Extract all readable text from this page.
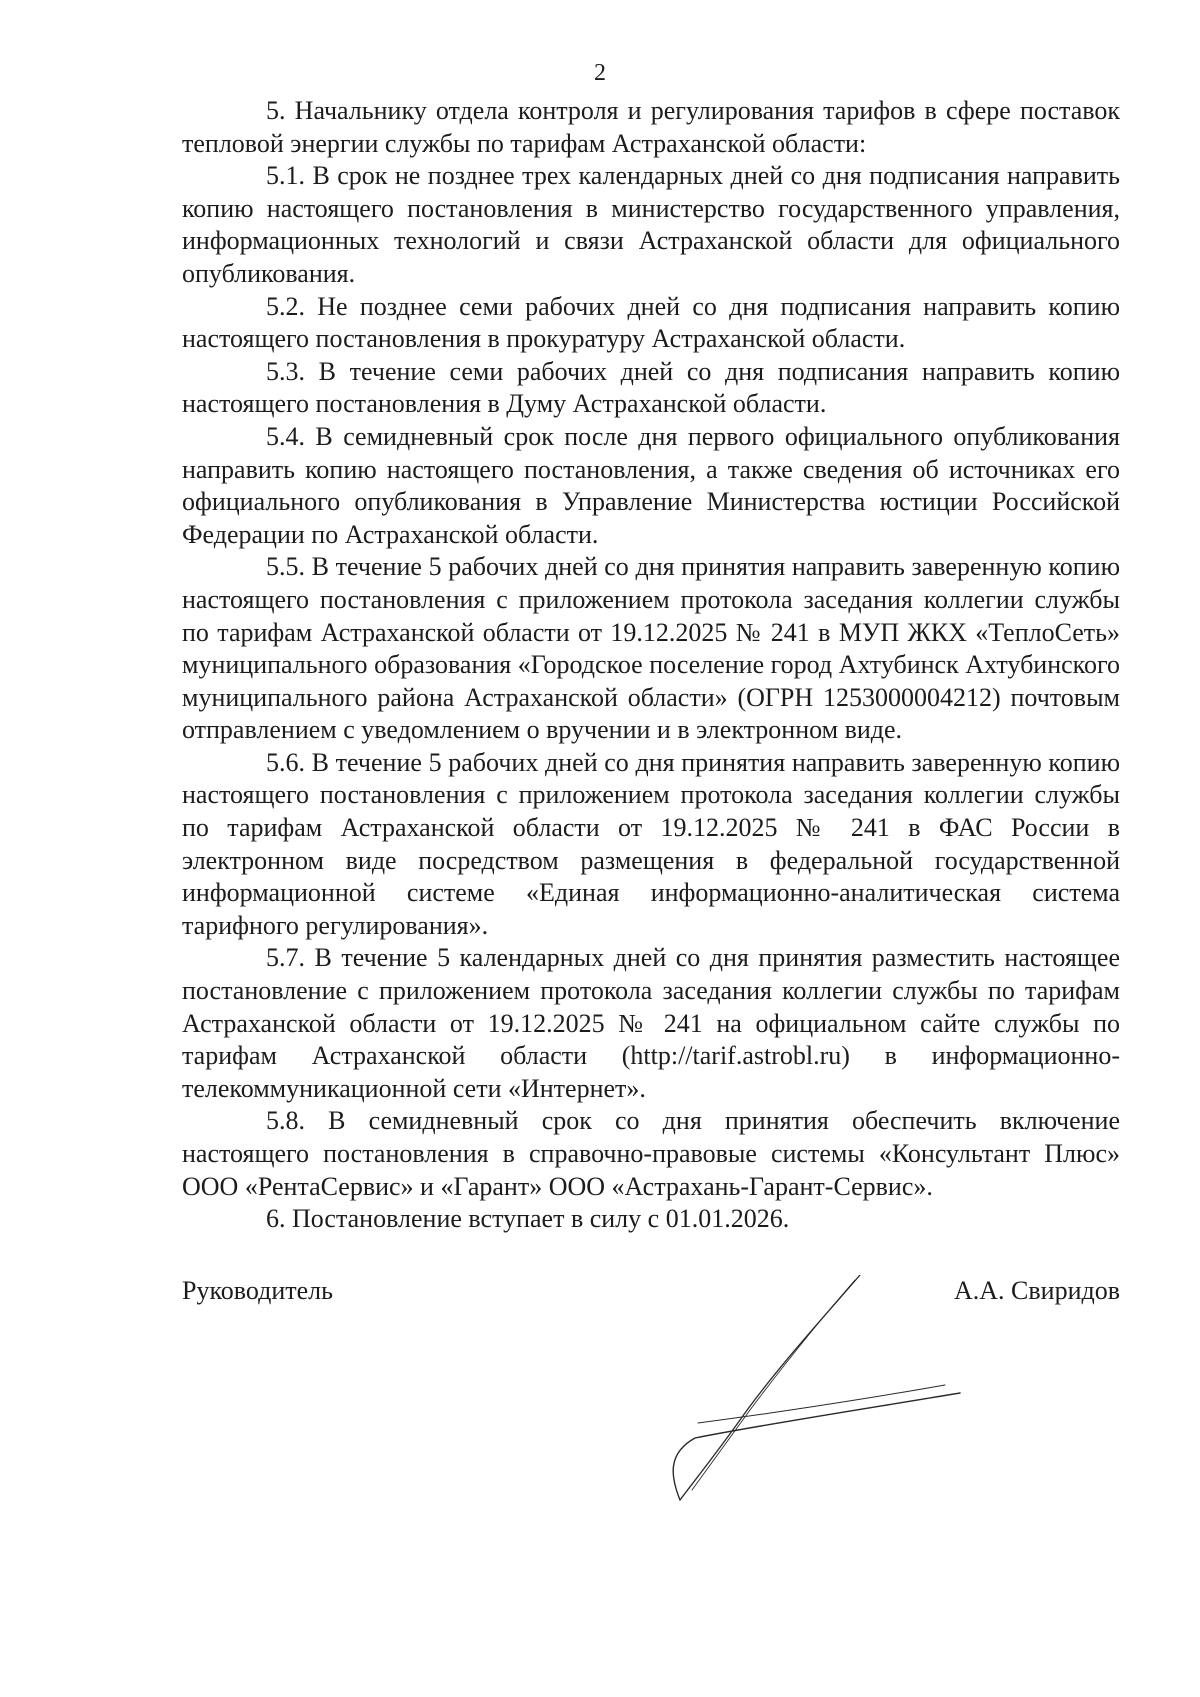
2

5. Начальнику отдела контроля и регулирования тарифов в сфере поставок тепловой энергии службы по тарифам Астраханской области:

5.1. В срок не позднее трех календарных дней со дня подписания направить копию настоящего постановления в министерство государственного управления, информационных технологий и связи Астраханской области для официального опубликования.

5.2. Не позднее семи рабочих дней со дня подписания направить копию настоящего постановления в прокуратуру Астраханской области.

5.3. В течение семи рабочих дней со дня подписания направить копию настоящего постановления в Думу Астраханской области.

5.4. В семидневный срок после дня первого официального опубликования направить копию настоящего постановления, а также сведения об источниках его официального опубликования в Управление Министерства юстиции Российской Федерации по Астраханской области.

5.5. В течение 5 рабочих дней со дня принятия направить заверенную копию настоящего постановления с приложением протокола заседания коллегии службы по тарифам Астраханской области от 19.12.2025 № 241 в МУП ЖКХ «ТеплоСеть» муниципального образования «Городское поселение город Ахтубинск Ахтубинского муниципального района Астраханской области» (ОГРН 1253000004212) почтовым отправлением с уведомлением о вручении и в электронном виде.

5.6. В течение 5 рабочих дней со дня принятия направить заверенную копию настоящего постановления с приложением протокола заседания коллегии службы по тарифам Астраханской области от 19.12.2025 № 241 в ФАС России в электронном виде посредством размещения в федеральной государственной информационной системе «Единая информационно-аналитическая система тарифного регулирования».

5.7. В течение 5 календарных дней со дня принятия разместить настоящее постановление с приложением протокола заседания коллегии службы по тарифам Астраханской области от 19.12.2025 № 241 на официальном сайте службы по тарифам Астраханской области (http://tarif.astrobl.ru) в информационно-телекоммуникационной сети «Интернет».

5.8. В семидневный срок со дня принятия обеспечить включение настоящего постановления в справочно-правовые системы «Консультант Плюс» ООО «РентаСервис» и «Гарант» ООО «Астрахань-Гарант-Сервис».

6. Постановление вступает в силу с 01.01.2026.

Руководитель	А.А. Свиридов
